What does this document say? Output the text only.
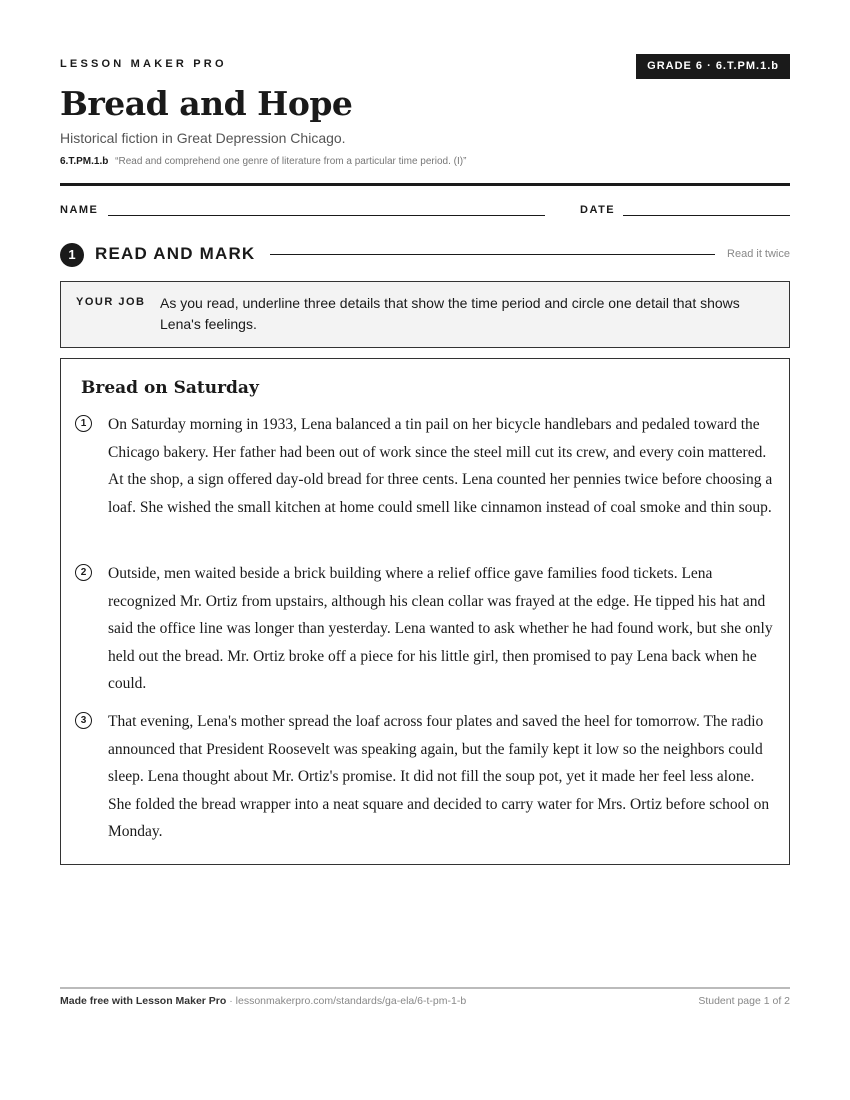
LESSON MAKER PRO	GRADE 6 · 6.T.PM.1.b
Bread and Hope
Historical fiction in Great Depression Chicago.
6.T.PM.1.b “Read and comprehend one genre of literature from a particular time period. (I)”
NAME	DATE
1	READ AND MARK	Read it twice
YOUR JOB As you read, underline three details that show the time period and circle one detail that shows Lena's feelings.
Bread on Saturday
1	On Saturday morning in 1933, Lena balanced a tin pail on her bicycle handlebars and pedaled toward the Chicago bakery. Her father had been out of work since the steel mill cut its crew, and every coin mattered. At the shop, a sign offered day-old bread for three cents. Lena counted her pennies twice before choosing a loaf. She wished the small kitchen at home could smell like cinnamon instead of coal smoke and thin soup.

2	Outside, men waited beside a brick building where a relief office gave families food tickets. Lena recognized Mr. Ortiz from upstairs, although his clean collar was frayed at the edge. He tipped his hat and said the office line was longer than yesterday. Lena wanted to ask whether he had found work, but she only held out the bread. Mr. Ortiz broke off a piece for his little girl, then promised to pay Lena back when he could.

3	That evening, Lena's mother spread the loaf across four plates and saved the heel for tomorrow. The radio announced that President Roosevelt was speaking again, but the family kept it low so the neighbors could sleep. Lena thought about Mr. Ortiz's promise. It did not fill the soup pot, yet it made her feel less alone. She folded the bread wrapper into a neat square and decided to carry water for Mrs. Ortiz before school on Monday.

Made free with Lesson Maker Pro · lessonmakerpro.com/standards/ga-ela/6-t-pm-1-b	Student page 1 of 2
